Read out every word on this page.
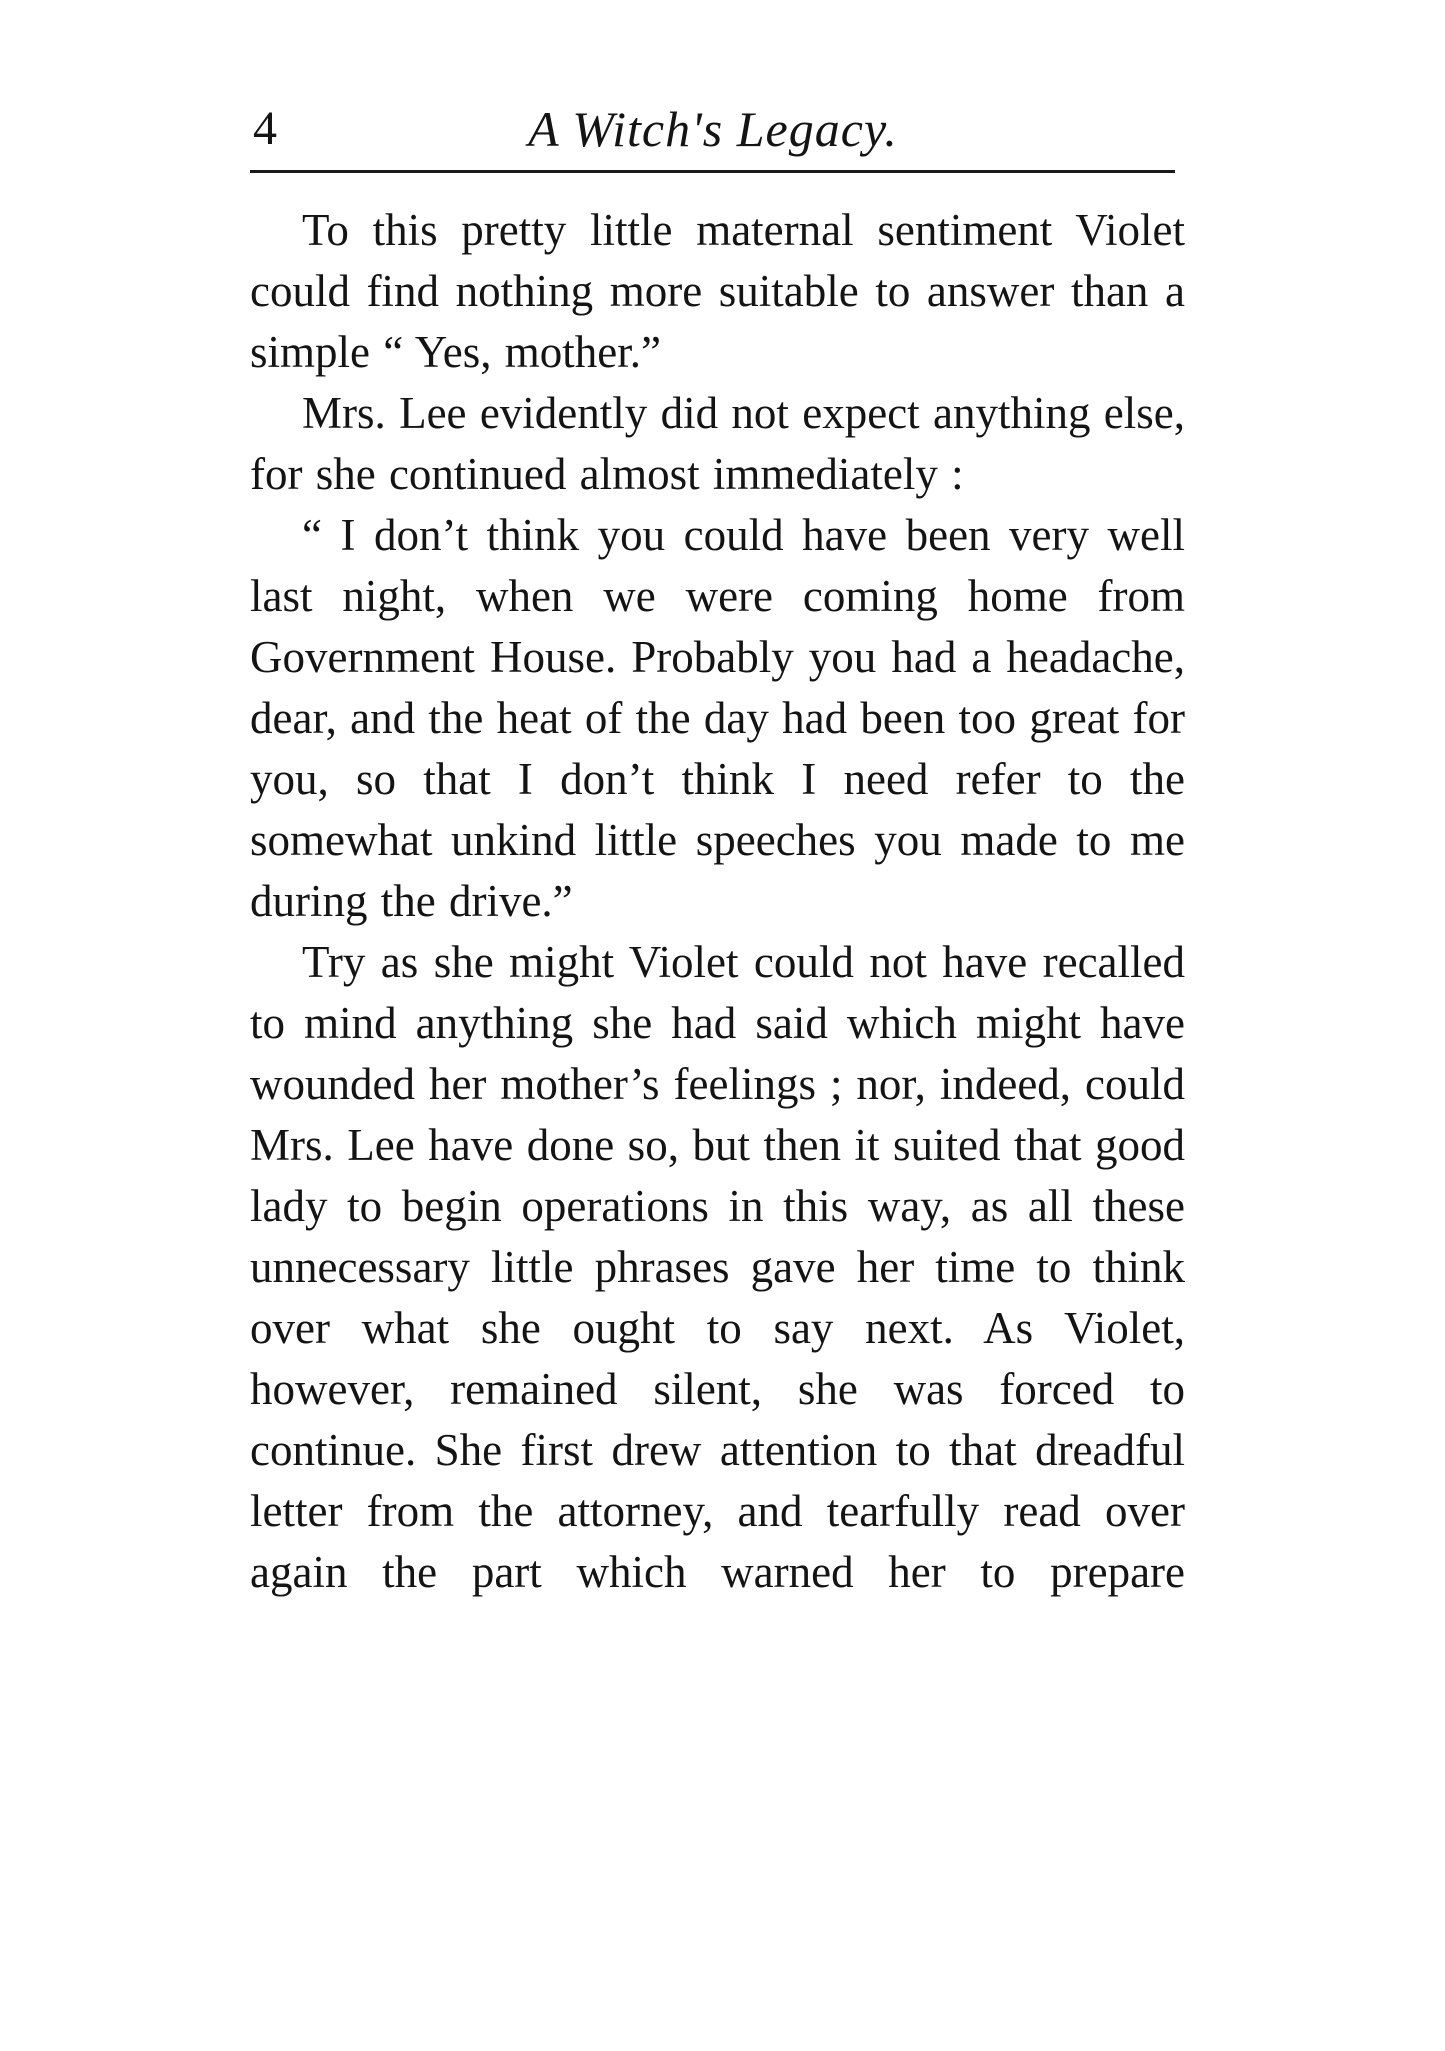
4	A Witch's Legacy.

To this pretty little maternal sentiment Violet could find nothing more suitable to answer than a simple “ Yes, mother.”

Mrs. Lee evidently did not expect anything else, for she continued almost immediately :

“ I don’t think you could have been very well last night, when we were coming home from Government House. Probably you had a headache, dear, and the heat of the day had been too great for you, so that I don’t think I need refer to the somewhat unkind little speeches you made to me during the drive.”

Try as she might Violet could not have recalled to mind anything she had said which might have wounded her mother’s feelings ; nor, indeed, could Mrs. Lee have done so, but then it suited that good lady to begin operations in this way, as all these unnecessary little phrases gave her time to think over what she ought to say next. As Violet, however, remained silent, she was forced to continue. She first drew attention to that dreadful letter from the attorney, and tearfully read over again the part which warned her to prepare
